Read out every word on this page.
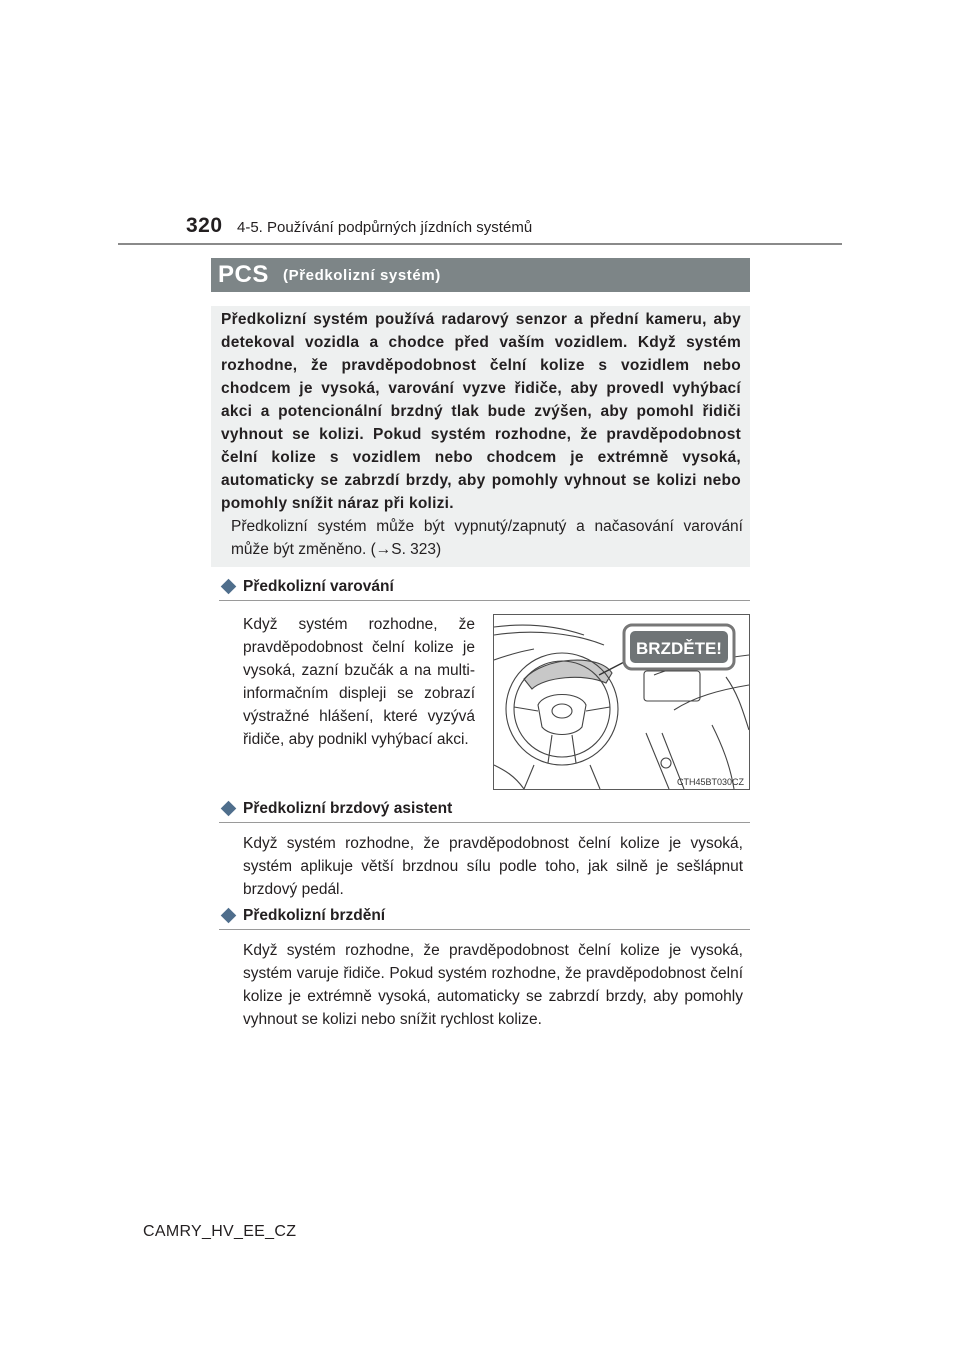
320 4-5. Používání podpůrných jízdních systémů
PCS (Předkolizní systém)
Předkolizní systém používá radarový senzor a přední kameru, aby detekoval vozidla a chodce před vaším vozidlem. Když systém rozhodne, že pravděpodobnost čelní kolize s vozidlem nebo chodcem je vysoká, varování vyzve řidiče, aby provedl vyhýbací akci a potencionální brzdný tlak bude zvýšen, aby pomohl řidiči vyhnout se kolizi. Pokud systém rozhodne, že pravděpodobnost čelní kolize s vozidlem nebo chodcem je extrémně vysoká, automaticky se zabrzdí brzdy, aby pomohly vyhnout se kolizi nebo pomohly snížit náraz při kolizi.
Předkolizní systém může být vypnutý/zapnutý a načasování varování může být změněno. (→S. 323)
Předkolizní varování
Když systém rozhodne, že pravděpodobnost čelní kolize je vysoká, zazní bzučák a na multi-informačním displeji se zobrazí výstražné hlášení, které vyzývá řidiče, aby podnikl vyhýbací akci.
BRZDĚTE!
CTH45BT030CZ
Předkolizní brzdový asistent
Když systém rozhodne, že pravděpodobnost čelní kolize je vysoká, systém aplikuje větší brzdnou sílu podle toho, jak silně je sešlápnut brzdový pedál.
Předkolizní brzdění
Když systém rozhodne, že pravděpodobnost čelní kolize je vysoká, systém varuje řidiče. Pokud systém rozhodne, že pravděpodobnost čelní kolize je extrémně vysoká, automaticky se zabrzdí brzdy, aby pomohly vyhnout se kolizi nebo snížit rychlost kolize.
CAMRY_HV_EE_CZ
